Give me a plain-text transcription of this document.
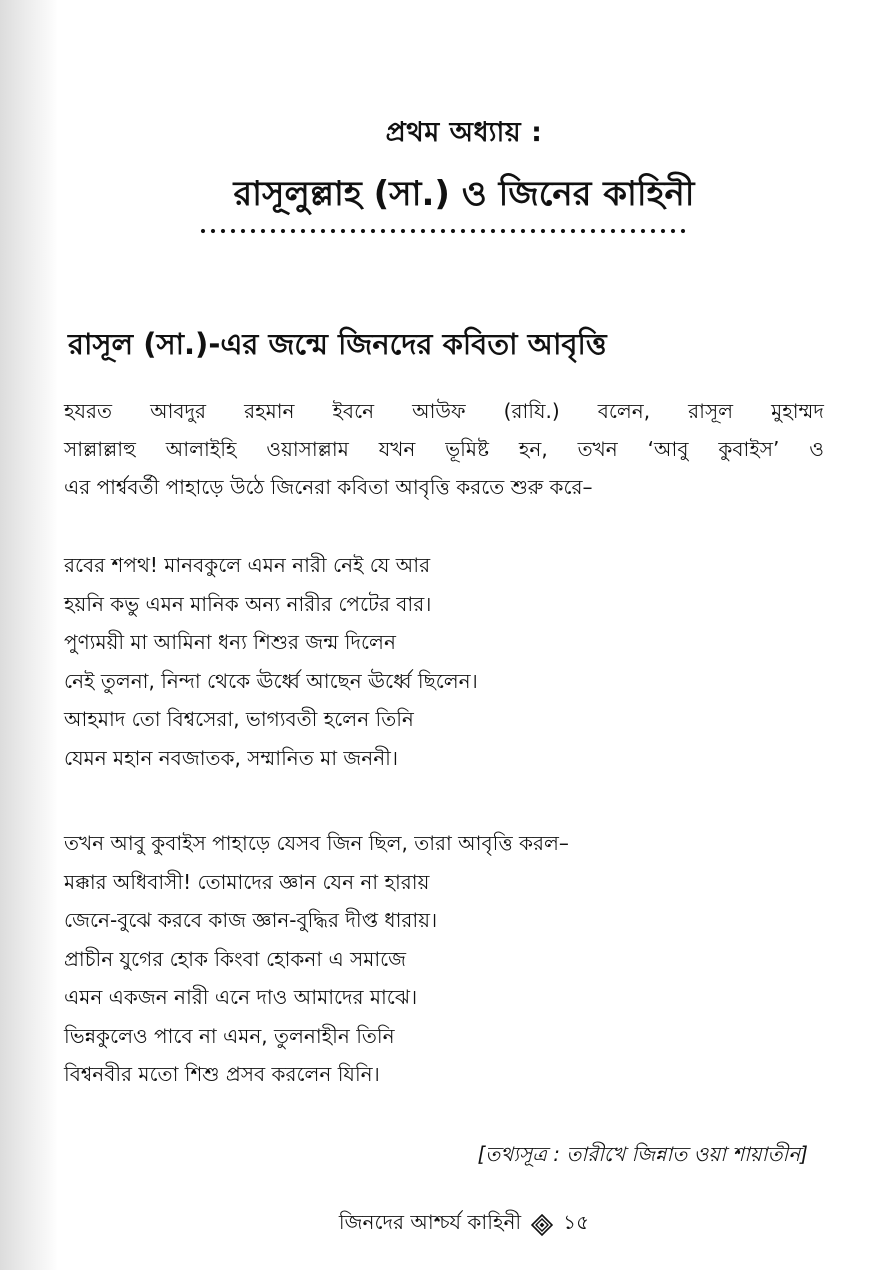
প্রথম অধ্যায় :
রাসূলুল্লাহ (সা.) ও জিনের কাহিনী
রাসূল (সা.)-এর জন্মে জিনদের কবিতা আবৃত্তি
হযরত আবদুর রহমান ইবনে আউফ (রাযি.) বলেন, রাসূল মুহাম্মদ
সাল্লাল্লাহু আলাইহি ওয়াসাল্লাম যখন ভূমিষ্ট হন, তখন ‘আবু কুবাইস’ ও
এর পার্শ্ববর্তী পাহাড়ে উঠে জিনেরা কবিতা আবৃত্তি করতে শুরু করে–
রবের শপথ! মানবকুলে এমন নারী নেই যে আর
হয়নি কভু এমন মানিক অন্য নারীর পেটের বার।
পুণ্যময়ী মা আমিনা ধন্য শিশুর জন্ম দিলেন
নেই তুলনা, নিন্দা থেকে ঊর্ধ্বে আছেন ঊর্ধ্বে ছিলেন।
আহমাদ তো বিশ্বসেরা, ভাগ্যবতী হলেন তিনি
যেমন মহান নবজাতক, সম্মানিত মা জননী।
তখন আবু কুবাইস পাহাড়ে যেসব জিন ছিল, তারা আবৃত্তি করল–
মক্কার অধিবাসী! তোমাদের জ্ঞান যেন না হারায়
জেনে-বুঝে করবে কাজ জ্ঞান-বুদ্ধির দীপ্ত ধারায়।
প্রাচীন যুগের হোক কিংবা হোকনা এ সমাজে
এমন একজন নারী এনে দাও আমাদের মাঝে।
ভিন্নকুলেও পাবে না এমন, তুলনাহীন তিনি
বিশ্বনবীর মতো শিশু প্রসব করলেন যিনি।
[তথ্যসূত্র : তারীখে জিন্নাত ওয়া শায়াতীন]
জিনদের আশ্চর্য কাহিনী ১৫
